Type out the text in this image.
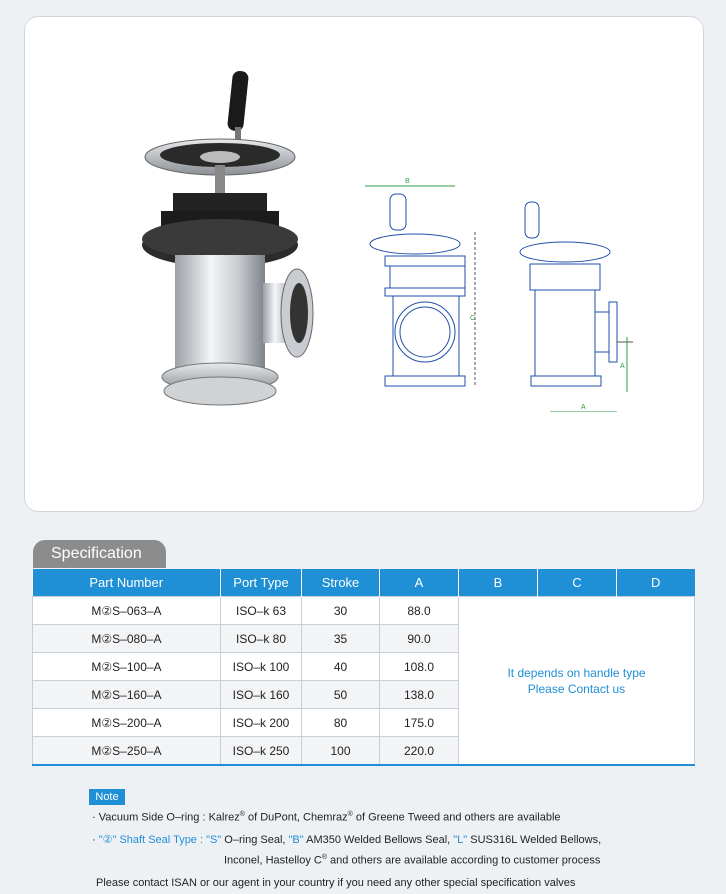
B
C
A
A
Specification
Part Number	Port Type	Stroke	A	B	C	D
M②S–063–A	ISO–k 63	30	88.0	It depends on handle type
Please Contact us		

M②S–080–A	ISO–k 80	35	90.0			
M②S–100–A	ISO–k 100	40	108.0			
M②S–160–A	ISO–k 160	50	138.0			
M②S–200–A	ISO–k 200	80	175.0			
M②S–250–A	ISO–k 250	100	220.0			
Note
· Vacuum Side O–ring : Kalrez® of DuPont, Chemraz® of Greene Tweed and others are available
· "②" Shaft Seal Type : "S" O–ring Seal, "B" AM350 Welded Bellows Seal, "L" SUS316L Welded Bellows,
Inconel, Hastelloy C® and others are available according to customer process
Please contact ISAN or our agent in your country if you need any other special specification valves
